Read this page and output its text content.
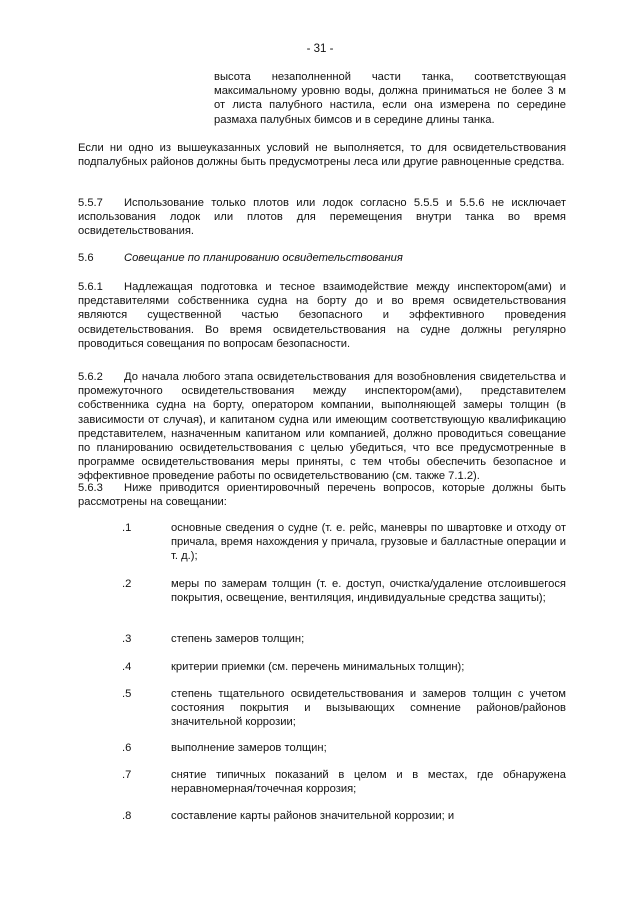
- 31 -

высота незаполненной части танка, соответствующая максимальному уровню воды, должна приниматься не более 3 м от листа палубного настила, если она измерена по середине размаха палубных бимсов и в середине длины танка.

Если ни одно из вышеуказанных условий не выполняется, то для освидетельствования подпалубных районов должны быть предусмотрены леса или другие равноценные средства.

5.5.7 Использование только плотов или лодок согласно 5.5.5 и 5.5.6 не исключает использования лодок или плотов для перемещения внутри танка во время освидетельствования.

5.6	Совещание по планированию освидетельствования

5.6.1 Надлежащая подготовка и тесное взаимодействие между инспектором(ами) и представителями собственника судна на борту до и во время освидетельствования являются существенной частью безопасного и эффективного проведения освидетельствования. Во время освидетельствования на судне должны регулярно проводиться совещания по вопросам безопасности.

5.6.2 До начала любого этапа освидетельствования для возобновления свидетельства и промежуточного освидетельствования между инспектором(ами), представителем собственника судна на борту, оператором компании, выполняющей замеры толщин (в зависимости от случая), и капитаном судна или имеющим соответствующую квалификацию представителем, назначенным капитаном или компанией, должно проводиться совещание по планированию освидетельствования с целью убедиться, что все предусмотренные в программе освидетельствования меры приняты, с тем чтобы обеспечить безопасное и эффективное проведение работы по освидетельствованию (см. также 7.1.2).

5.6.3 Ниже приводится ориентировочный перечень вопросов, которые должны быть рассмотрены на совещании:

.1	основные сведения о судне (т. е. рейс, маневры по швартовке и отходу от причала, время нахождения у причала, грузовые и балластные операции и т. д.);

.2	меры по замерам толщин (т. е. доступ, очистка/удаление отслоившегося покрытия, освещение, вентиляция, индивидуальные средства защиты);

.3	степень замеров толщин;

.4	критерии приемки (см. перечень минимальных толщин);

.5	степень тщательного освидетельствования и замеров толщин с учетом состояния покрытия и вызывающих сомнение районов/районов значительной коррозии;

.6	выполнение замеров толщин;

.7	снятие типичных показаний в целом и в местах, где обнаружена неравномерная/точечная коррозия;

.8	составление карты районов значительной коррозии; и
